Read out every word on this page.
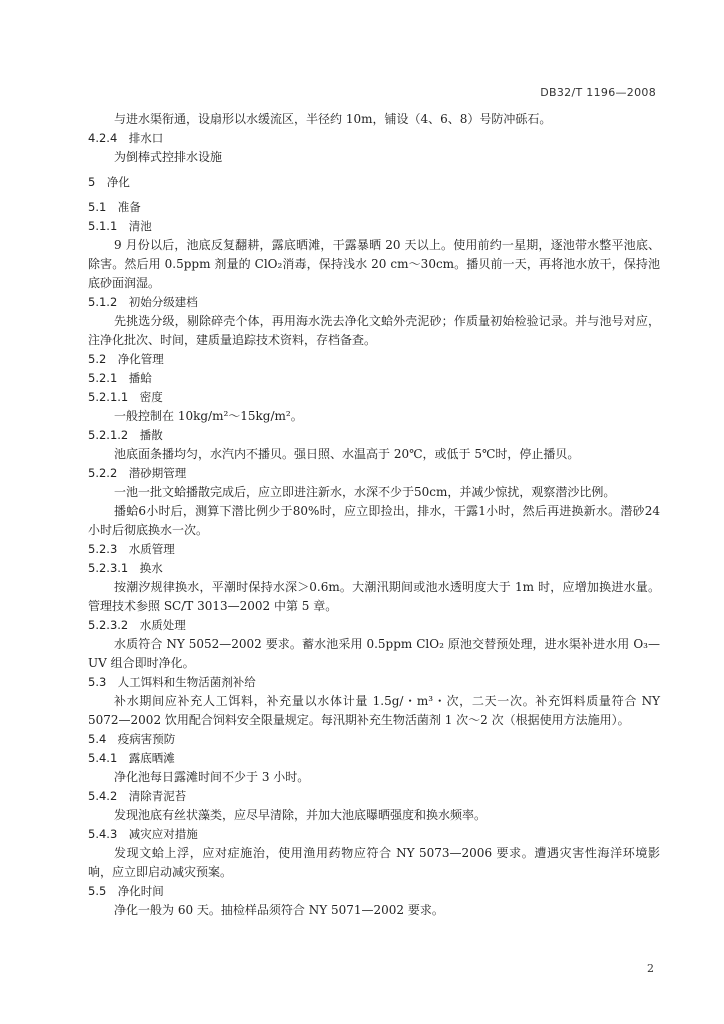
DB32/T 1196—2008
与进水渠衔通，设扇形以水缓流区，半径约 10m，铺设（4、6、8）号防冲砾石。
4.2.4　排水口
为倒棒式控排水设施
5　净化
5.1　准备
5.1.1　清池
9 月份以后，池底反复翻耕，露底晒滩，干露暴晒 20 天以上。使用前约一星期，逐池带水整平池底、除害。然后用 0.5ppm 剂量的 ClO₂消毒，保持浅水 20 cm～30cm。播贝前一天，再将池水放干，保持池底砂面润湿。
5.1.2　初始分级建档
先挑选分级，剔除碎壳个体，再用海水洗去净化文蛤外壳泥砂；作质量初始检验记录。并与池号对应，注净化批次、时间，建质量追踪技术资料，存档备查。
5.2　净化管理
5.2.1　播蛤
5.2.1.1　密度
一般控制在 10kg/m²～15kg/m²。
5.2.1.2　播散
池底面条播均匀，水汽内不播贝。强日照、水温高于 20℃，或低于 5℃时，停止播贝。
5.2.2　潜砂期管理
一池一批文蛤播散完成后，应立即进注新水，水深不少于50cm，并减少惊扰，观察潜沙比例。
播蛤6小时后，测算下潜比例少于80%时，应立即捡出，排水，干露1小时，然后再进换新水。潜砂24小时后彻底换水一次。
5.2.3　水质管理
5.2.3.1　换水
按潮汐规律换水，平潮时保持水深＞0.6m。大潮汛期间或池水透明度大于 1m 时，应增加换进水量。管理技术参照 SC/T 3013—2002 中第 5 章。
5.2.3.2　水质处理
水质符合 NY 5052—2002 要求。蓄水池采用 0.5ppm ClO₂ 原池交替预处理，进水渠补进水用 O₃—UV 组合即时净化。
5.3　人工饵料和生物活菌剂补给
补水期间应补充人工饵料，补充量以水体计量 1.5g/・m³・次，二天一次。补充饵料质量符合 NY 5072—2002 饮用配合饲料安全限量规定。每汛期补充生物活菌剂 1 次～2 次（根据使用方法施用）。
5.4　疫病害预防
5.4.1　露底晒滩
净化池每日露滩时间不少于 3 小时。
5.4.2　清除青泥苔
发现池底有丝状藻类，应尽早清除，并加大池底曝晒强度和换水频率。
5.4.3　减灾应对措施
发现文蛤上浮，应对症施治，使用渔用药物应符合 NY 5073—2006 要求。遭遇灾害性海洋环境影响，应立即启动减灾预案。
5.5　净化时间
净化一般为 60 天。抽检样品须符合 NY 5071—2002 要求。
2
